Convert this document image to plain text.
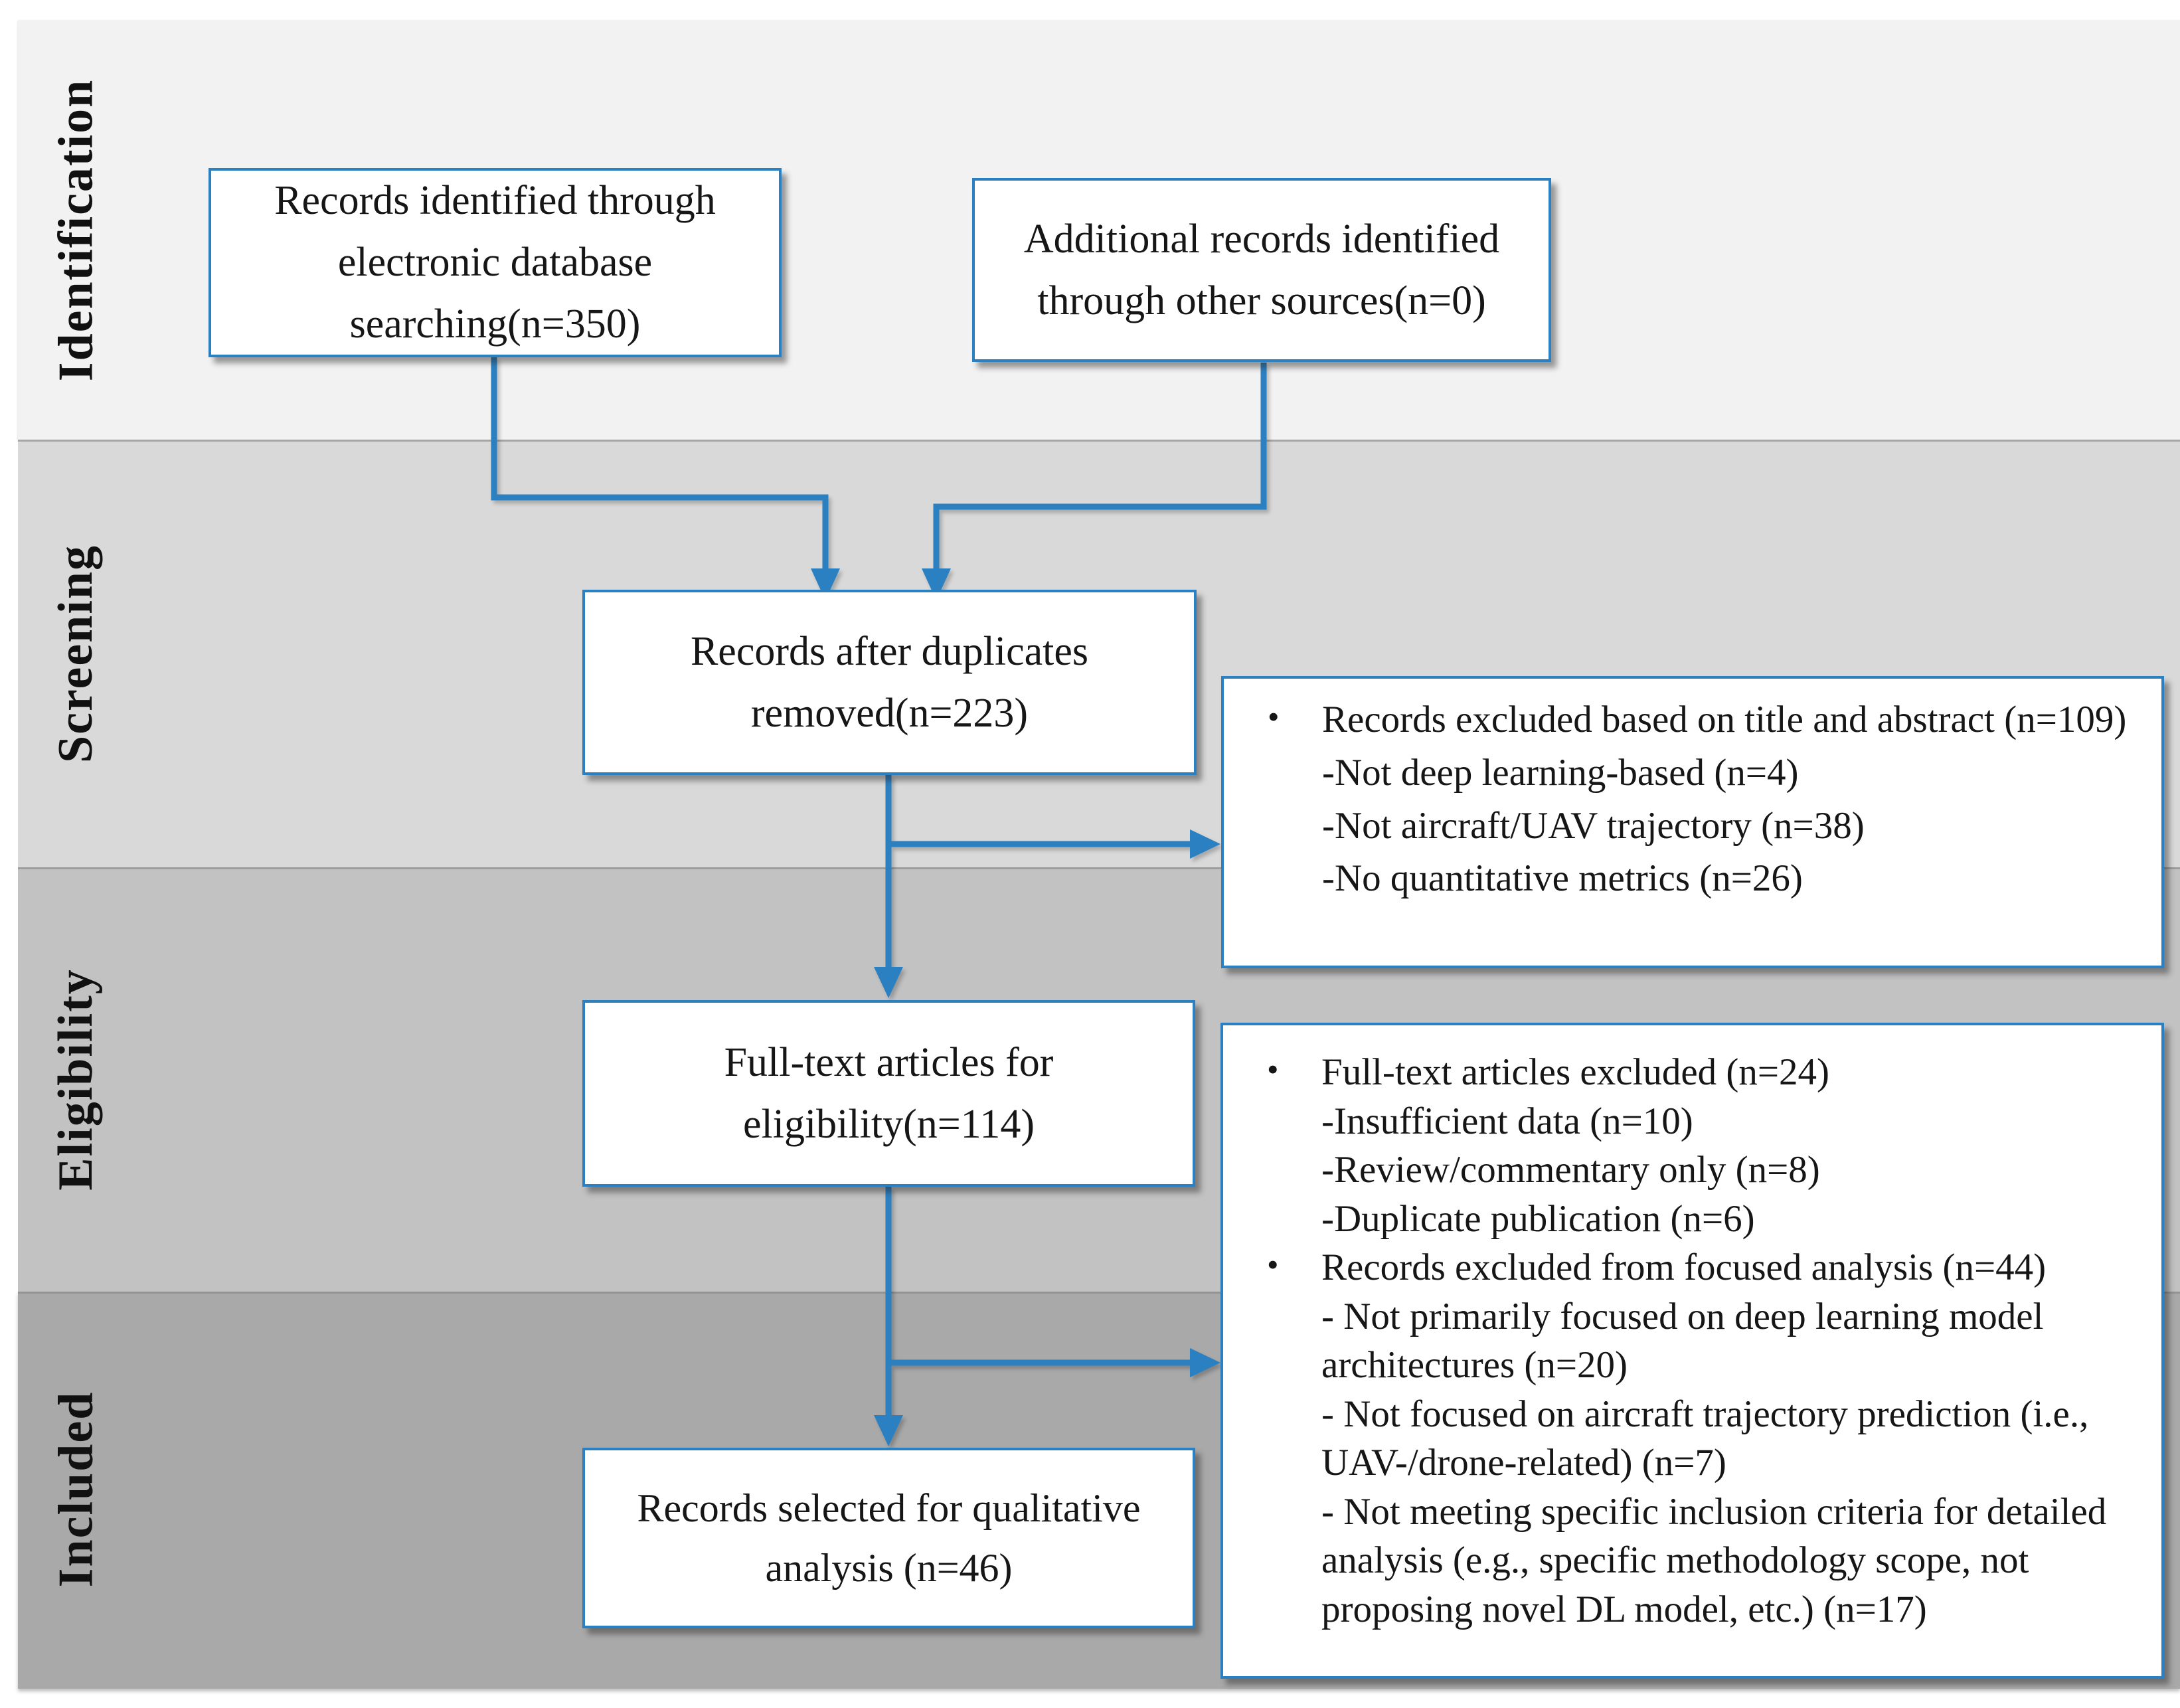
Identification
Screening
Eligibility
Included
Records identified through electronic database searching(n=350)
Additional records identified through other sources(n=0)
Records after duplicates removed(n=223)
Full-text articles for eligibility(n=114)
Records selected for qualitative analysis (n=46)
• Records excluded based on title and abstract (n=109)
-Not deep learning-based (n=4)
-Not aircraft/UAV trajectory (n=38)
-No quantitative metrics (n=26)
• Full-text articles excluded (n=24)
-Insufficient data (n=10)
-Review/commentary only (n=8)
-Duplicate publication (n=6)
• Records excluded from focused analysis (n=44)
- Not primarily focused on deep learning model architectures (n=20)
- Not focused on aircraft trajectory prediction (i.e., UAV-/drone-related) (n=7)
- Not meeting specific inclusion criteria for detailed analysis (e.g., specific methodology scope, not proposing novel DL model, etc.) (n=17)
